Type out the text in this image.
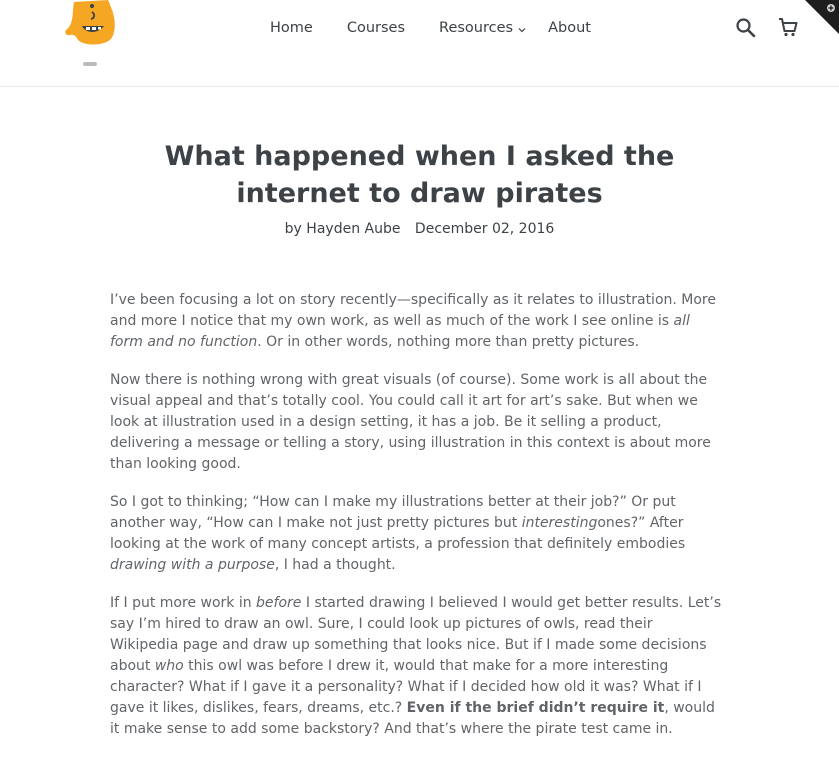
Home Courses Resources About
What happened when I asked the internet to draw pirates
by Hayden Aube December 02, 2016

I’ve been focusing a lot on story recently—specifically as it relates to illustration. More and more I notice that my own work, as well as much of the work I see online is all form and no function. Or in other words, nothing more than pretty pictures.

Now there is nothing wrong with great visuals (of course). Some work is all about the visual appeal and that’s totally cool. You could call it art for art’s sake. But when we look at illustration used in a design setting, it has a job. Be it selling a product, delivering a message or telling a story, using illustration in this context is about more than looking good.

So I got to thinking; “How can I make my illustrations better at their job?” Or put another way, “How can I make not just pretty pictures but interestingones?” After looking at the work of many concept artists, a profession that definitely embodies drawing with a purpose, I had a thought.

If I put more work in before I started drawing I believed I would get better results. Let’s say I’m hired to draw an owl. Sure, I could look up pictures of owls, read their Wikipedia page and draw up something that looks nice. But if I made some decisions about who this owl was before I drew it, would that make for a more interesting character? What if I gave it a personality? What if I decided how old it was? What if I gave it likes, dislikes, fears, dreams, etc.? Even if the brief didn’t require it, would it make sense to add some backstory? And that’s where the pirate test came in.
